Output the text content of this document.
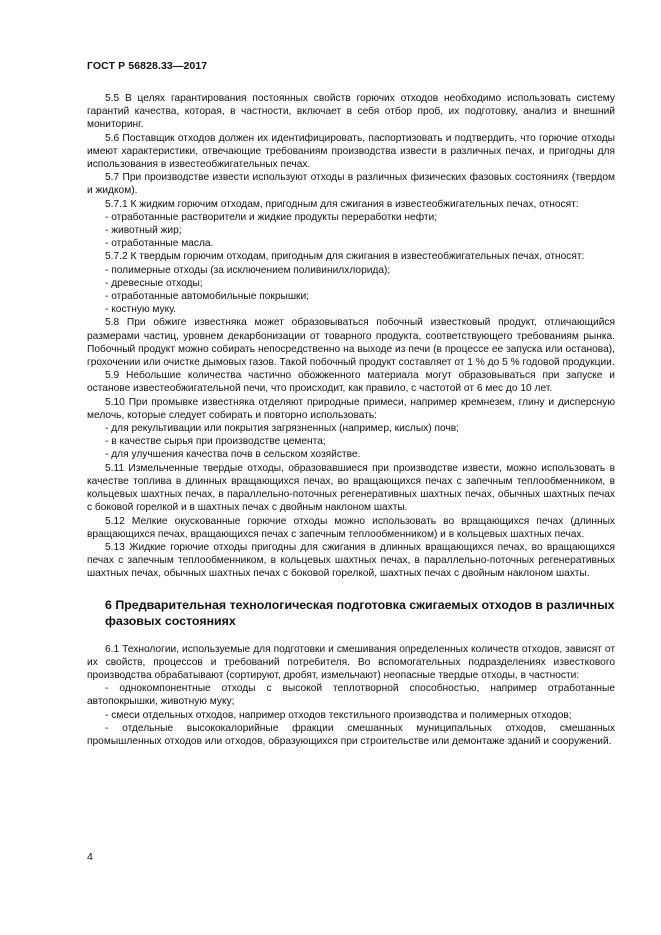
ГОСТ Р 56828.33—2017

5.5 В целях гарантирования постоянных свойств горючих отходов необходимо использовать систему гарантий качества, которая, в частности, включает в себя отбор проб, их подготовку, анализ и внешний мониторинг.

5.6 Поставщик отходов должен их идентифицировать, паспортизовать и подтвердить, что горючие отходы имеют характеристики, отвечающие требованиям производства извести в различных печах, и пригодны для использования в известеобжигательных печах.

5.7 При производстве извести используют отходы в различных физических фазовых состояниях (твердом и жидком).

5.7.1 К жидким горючим отходам, пригодным для сжигания в известеобжигательных печах, относят:

- отработанные растворители и жидкие продукты переработки нефти;

- животный жир;

- отработанные масла.

5.7.2 К твердым горючим отходам, пригодным для сжигания в известеобжигательных печах, относят:

- полимерные отходы (за исключением поливинилхлорида);

- древесные отходы;

- отработанные автомобильные покрышки;

- костную муку.

5.8 При обжиге известняка может образовываться побочный известковый продукт, отличающийся размерами частиц, уровнем декарбонизации от товарного продукта, соответствующего требованиям рынка. Побочный продукт можно собирать непосредственно на выходе из печи (в процессе ее запуска или останова), грохочении или очистке дымовых газов. Такой побочный продукт составляет от 1 % до 5 % годовой продукции.

5.9 Небольшие количества частично обожженного материала могут образовываться при запуске и останове известеобжигательной печи, что происходит, как правило, с частотой от 6 мес до 10 лет.

5.10 При промывке известняка отделяют природные примеси, например кремнезем, глину и дисперсную мелочь, которые следует собирать и повторно использовать:

- для рекультивации или покрытия загрязненных (например, кислых) почв;

- в качестве сырья при производстве цемента;

- для улучшения качества почв в сельском хозяйстве.

5.11 Измельченные твердые отходы, образовавшиеся при производстве извести, можно использовать в качестве топлива в длинных вращающихся печах, во вращающихся печах с запечным теплообменником, в кольцевых шахтных печах, в параллельно-поточных регенеративных шахтных печах, обычных шахтных печах с боковой горелкой и в шахтных печах с двойным наклоном шахты.

5.12 Мелкие окускованные горючие отходы можно использовать во вращающихся печах (длинных вращающихся печах, вращающихся печах с запечным теплообменником) и в кольцевых шахтных печах.

5.13 Жидкие горючие отходы пригодны для сжигания в длинных вращающихся печах, во вращающихся печах с запечным теплообменником, в кольцевых шахтных печах, в параллельно-поточных регенеративных шахтных печах, обычных шахтных печах с боковой горелкой, шахтных печах с двойным наклоном шахты.

6 Предварительная технологическая подготовка сжигаемых отходов в различных фазовых состояниях

6.1 Технологии, используемые для подготовки и смешивания определенных количеств отходов, зависят от их свойств, процессов и требований потребителя. Во вспомогательных подразделениях известкового производства обрабатывают (сортируют, дробят, измельчают) неопасные твердые отходы, в частности:

- однокомпонентные отходы с высокой теплотворной способностью, например отработанные автопокрышки, животную муку;

- смеси отдельных отходов, например отходов текстильного производства и полимерных отходов;

- отдельные высококалорийные фракции смешанных муниципальных отходов, смешанных промышленных отходов или отходов, образующихся при строительстве или демонтаже зданий и сооружений.

4
